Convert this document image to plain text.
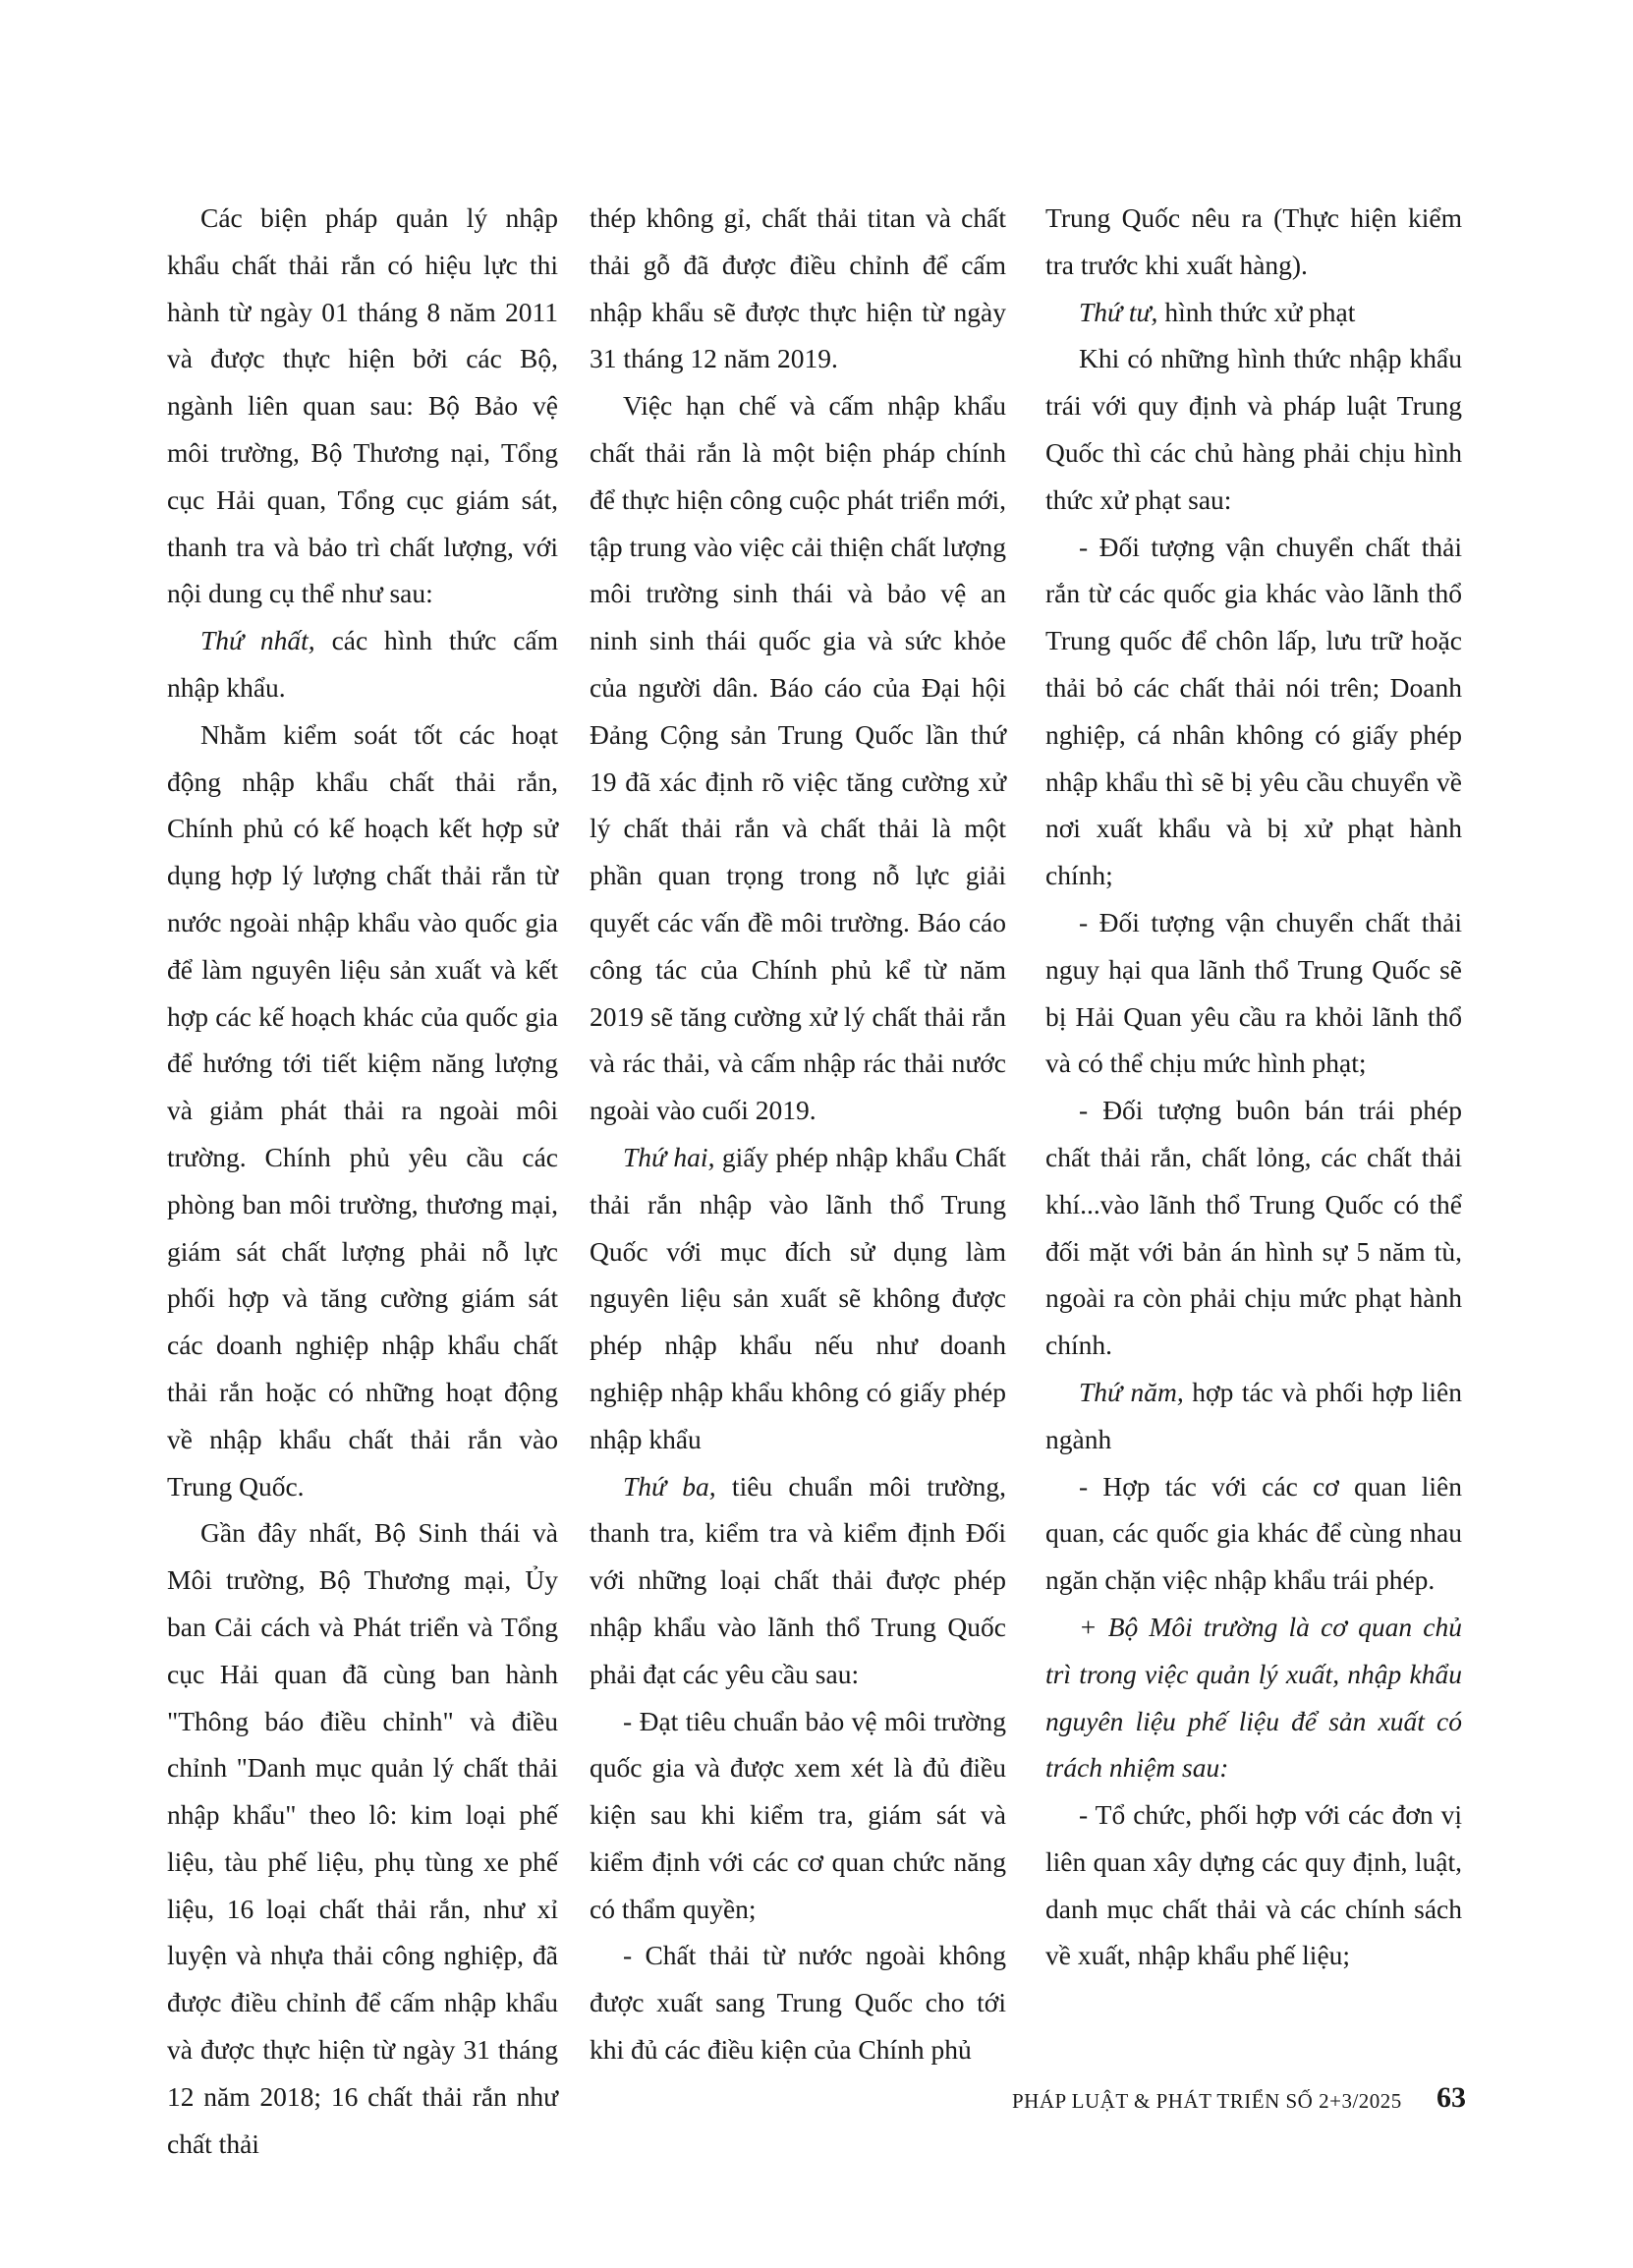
Các biện pháp quản lý nhập khẩu chất thải rắn có hiệu lực thi hành từ ngày 01 tháng 8 năm 2011 và được thực hiện bởi các Bộ, ngành liên quan sau: Bộ Bảo vệ môi trường, Bộ Thương nại, Tổng cục Hải quan, Tổng cục giám sát, thanh tra và bảo trì chất lượng, với nội dung cụ thể như sau:

Thứ nhất, các hình thức cấm nhập khẩu.

Nhằm kiểm soát tốt các hoạt động nhập khẩu chất thải rắn, Chính phủ có kế hoạch kết hợp sử dụng hợp lý lượng chất thải rắn từ nước ngoài nhập khẩu vào quốc gia để làm nguyên liệu sản xuất và kết hợp các kế hoạch khác của quốc gia để hướng tới tiết kiệm năng lượng và giảm phát thải ra ngoài môi trường. Chính phủ yêu cầu các phòng ban môi trường, thương mại, giám sát chất lượng phải nỗ lực phối hợp và tăng cường giám sát các doanh nghiệp nhập khẩu chất thải rắn hoặc có những hoạt động về nhập khẩu chất thải rắn vào Trung Quốc.

Gần đây nhất, Bộ Sinh thái và Môi trường, Bộ Thương mại, Ủy ban Cải cách và Phát triển và Tổng cục Hải quan đã cùng ban hành "Thông báo điều chỉnh" và điều chỉnh "Danh mục quản lý chất thải nhập khẩu" theo lô: kim loại phế liệu, tàu phế liệu, phụ tùng xe phế liệu, 16 loại chất thải rắn, như xỉ luyện và nhựa thải công nghiệp, đã được điều chỉnh để cấm nhập khẩu và được thực hiện từ ngày 31 tháng 12 năm 2018; 16 chất thải rắn như chất thải

thép không gỉ, chất thải titan và chất thải gỗ đã được điều chỉnh để cấm nhập khẩu sẽ được thực hiện từ ngày 31 tháng 12 năm 2019.

Việc hạn chế và cấm nhập khẩu chất thải rắn là một biện pháp chính để thực hiện công cuộc phát triển mới, tập trung vào việc cải thiện chất lượng môi trường sinh thái và bảo vệ an ninh sinh thái quốc gia và sức khỏe của người dân. Báo cáo của Đại hội Đảng Cộng sản Trung Quốc lần thứ 19 đã xác định rõ việc tăng cường xử lý chất thải rắn và chất thải là một phần quan trọng trong nỗ lực giải quyết các vấn đề môi trường. Báo cáo công tác của Chính phủ kể từ năm 2019 sẽ tăng cường xử lý chất thải rắn và rác thải, và cấm nhập rác thải nước ngoài vào cuối 2019.

Thứ hai, giấy phép nhập khẩu Chất thải rắn nhập vào lãnh thổ Trung Quốc với mục đích sử dụng làm nguyên liệu sản xuất sẽ không được phép nhập khẩu nếu như doanh nghiệp nhập khẩu không có giấy phép nhập khẩu

Thứ ba, tiêu chuẩn môi trường, thanh tra, kiểm tra và kiểm định Đối với những loại chất thải được phép nhập khẩu vào lãnh thổ Trung Quốc phải đạt các yêu cầu sau:

- Đạt tiêu chuẩn bảo vệ môi trường quốc gia và được xem xét là đủ điều kiện sau khi kiểm tra, giám sát và kiểm định với các cơ quan chức năng có thẩm quyền;

- Chất thải từ nước ngoài không được xuất sang Trung Quốc cho tới khi đủ các điều kiện của Chính phủ

Trung Quốc nêu ra (Thực hiện kiểm tra trước khi xuất hàng).

Thứ tư, hình thức xử phạt

Khi có những hình thức nhập khẩu trái với quy định và pháp luật Trung Quốc thì các chủ hàng phải chịu hình thức xử phạt sau:

- Đối tượng vận chuyển chất thải rắn từ các quốc gia khác vào lãnh thổ Trung quốc để chôn lấp, lưu trữ hoặc thải bỏ các chất thải nói trên; Doanh nghiệp, cá nhân không có giấy phép nhập khẩu thì sẽ bị yêu cầu chuyển về nơi xuất khẩu và bị xử phạt hành chính;

- Đối tượng vận chuyển chất thải nguy hại qua lãnh thổ Trung Quốc sẽ bị Hải Quan yêu cầu ra khỏi lãnh thổ và có thể chịu mức hình phạt;

- Đối tượng buôn bán trái phép chất thải rắn, chất lỏng, các chất thải khí...vào lãnh thổ Trung Quốc có thể đối mặt với bản án hình sự 5 năm tù, ngoài ra còn phải chịu mức phạt hành chính.

Thứ năm, hợp tác và phối hợp liên ngành

- Hợp tác với các cơ quan liên quan, các quốc gia khác để cùng nhau ngăn chặn việc nhập khẩu trái phép.

+ Bộ Môi trường là cơ quan chủ trì trong việc quản lý xuất, nhập khẩu nguyên liệu phế liệu để sản xuất có trách nhiệm sau:

- Tổ chức, phối hợp với các đơn vị liên quan xây dựng các quy định, luật, danh mục chất thải và các chính sách về xuất, nhập khẩu phế liệu;

PHÁP LUẬT & PHÁT TRIỂN SỐ 2+3/2025 63
